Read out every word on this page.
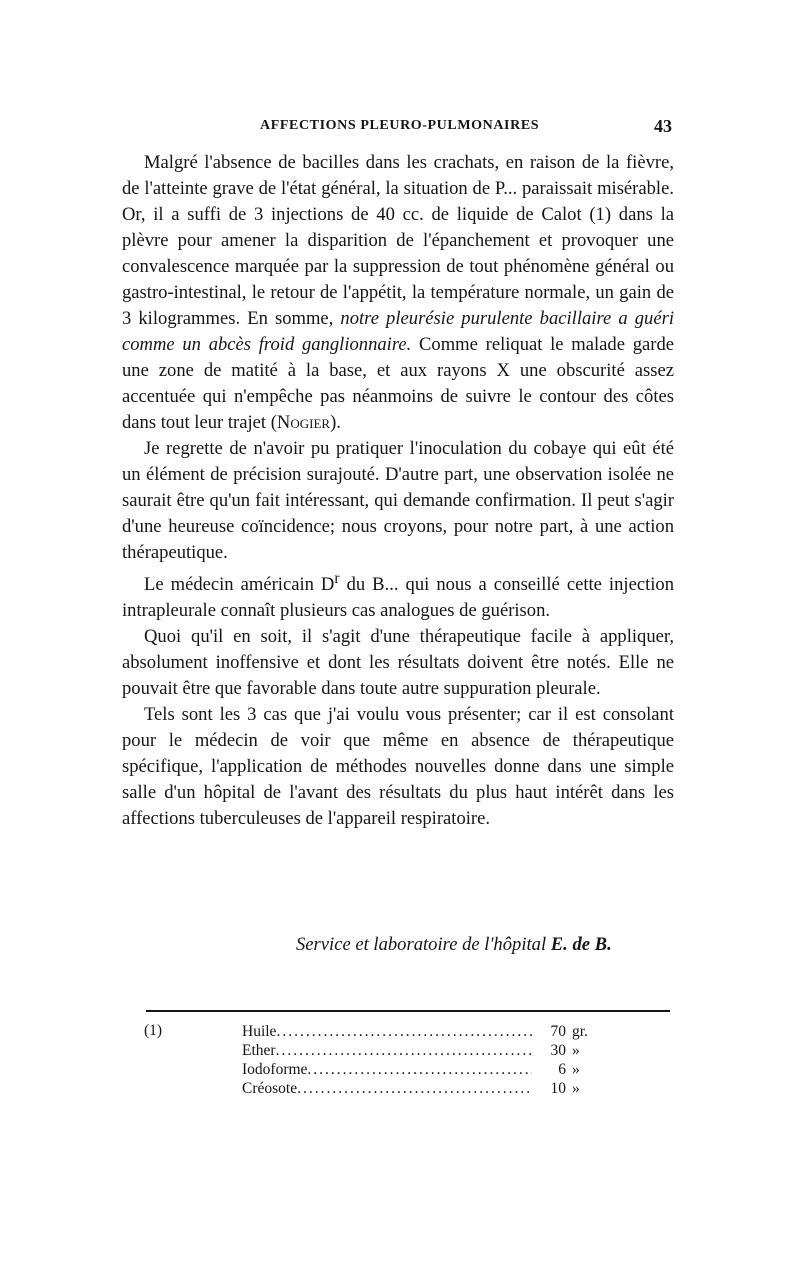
AFFECTIONS PLEURO-PULMONAIRES	43

Malgré l'absence de bacilles dans les crachats, en raison de la fièvre, de l'atteinte grave de l'état général, la situation de P... paraissait misérable. Or, il a suffi de 3 injections de 40 cc. de liquide de Calot (1) dans la plèvre pour amener la disparition de l'épanchement et provoquer une convalescence marquée par la suppression de tout phénomène général ou gastro-intestinal, le retour de l'appétit, la température normale, un gain de 3 kilogrammes. En somme, notre pleurésie purulente bacillaire a guéri comme un abcès froid ganglionnaire. Comme reliquat le malade garde une zone de matité à la base, et aux rayons X une obscurité assez accentuée qui n'empêche pas néanmoins de suivre le contour des côtes dans tout leur trajet (Nogier).

Je regrette de n'avoir pu pratiquer l'inoculation du cobaye qui eût été un élément de précision surajouté. D'autre part, une observation isolée ne saurait être qu'un fait intéressant, qui demande confirmation. Il peut s'agir d'une heureuse coïncidence; nous croyons, pour notre part, à une action thérapeutique.

Le médecin américain $D^r$ du B... qui nous a conseillé cette injection intrapleurale connaît plusieurs cas analogues de guérison.

Quoi qu'il en soit, il s'agit d'une thérapeutique facile à appliquer, absolument inoffensive et dont les résultats doivent être notés. Elle ne pouvait être que favorable dans toute autre suppuration pleurale.

Tels sont les 3 cas que j'ai voulu vous présenter; car il est consolant pour le médecin de voir que même en absence de thérapeutique spécifique, l'application de méthodes nouvelles donne dans une simple salle d'un hôpital de l'avant des résultats du plus haut intérêt dans les affections tuberculeuses de l'appareil respiratoire.

Service et laboratoire de l'hôpital E. de B.
(1)	Huile .....	70 gr.
Ether .....	30 »
Iodoforme .....	6 »
Créosote .....	10 »
